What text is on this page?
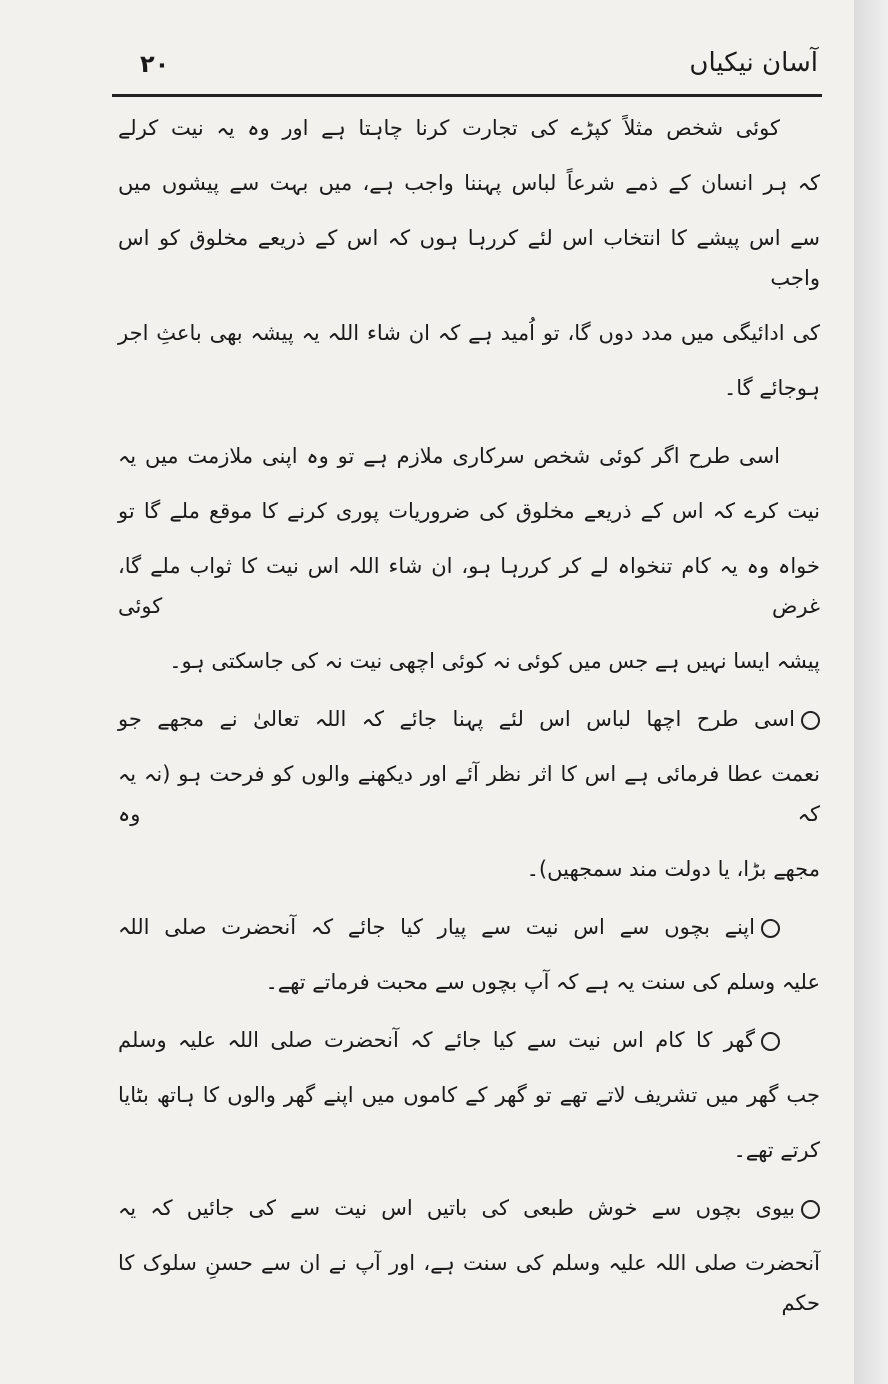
آسان نیکیاں
۲۰
کوئی شخص مثلاً کپڑے کی تجارت کرنا چاہتا ہے اور وہ یہ نیت کرلے
کہ ہر انسان کے ذمے شرعاً لباس پہننا واجب ہے، میں بہت سے پیشوں میں
سے اس پیشے کا انتخاب اس لئے کررہا ہوں کہ اس کے ذریعے مخلوق کو اس واجب
کی ادائیگی میں مدد دوں گا، تو اُمید ہے کہ ان شاء اللہ یہ پیشہ بھی باعثِ اجر
ہوجائے گا۔
اسی طرح اگر کوئی شخص سرکاری ملازم ہے تو وہ اپنی ملازمت میں یہ
نیت کرے کہ اس کے ذریعے مخلوق کی ضروریات پوری کرنے کا موقع ملے گا تو
خواہ وہ یہ کام تنخواہ لے کر کررہا ہو، ان شاء اللہ اس نیت کا ثواب ملے گا، غرض کوئی
پیشہ ایسا نہیں ہے جس میں کوئی نہ کوئی اچھی نیت نہ کی جاسکتی ہو۔
اسی طرح اچھا لباس اس لئے پہنا جائے کہ اللہ تعالیٰ نے مجھے جو
نعمت عطا فرمائی ہے اس کا اثر نظر آئے اور دیکھنے والوں کو فرحت ہو (نہ یہ کہ وہ
مجھے بڑا، یا دولت مند سمجھیں)۔
اپنے بچوں سے اس نیت سے پیار کیا جائے کہ آنحضرت صلی اللہ
علیہ وسلم کی سنت یہ ہے کہ آپ بچوں سے محبت فرماتے تھے۔
گھر کا کام اس نیت سے کیا جائے کہ آنحضرت صلی اللہ علیہ وسلم
جب گھر میں تشریف لاتے تھے تو گھر کے کاموں میں اپنے گھر والوں کا ہاتھ بٹایا
کرتے تھے۔
بیوی بچوں سے خوش طبعی کی باتیں اس نیت سے کی جائیں کہ یہ
آنحضرت صلی اللہ علیہ وسلم کی سنت ہے، اور آپ نے ان سے حسنِ سلوک کا حکم
